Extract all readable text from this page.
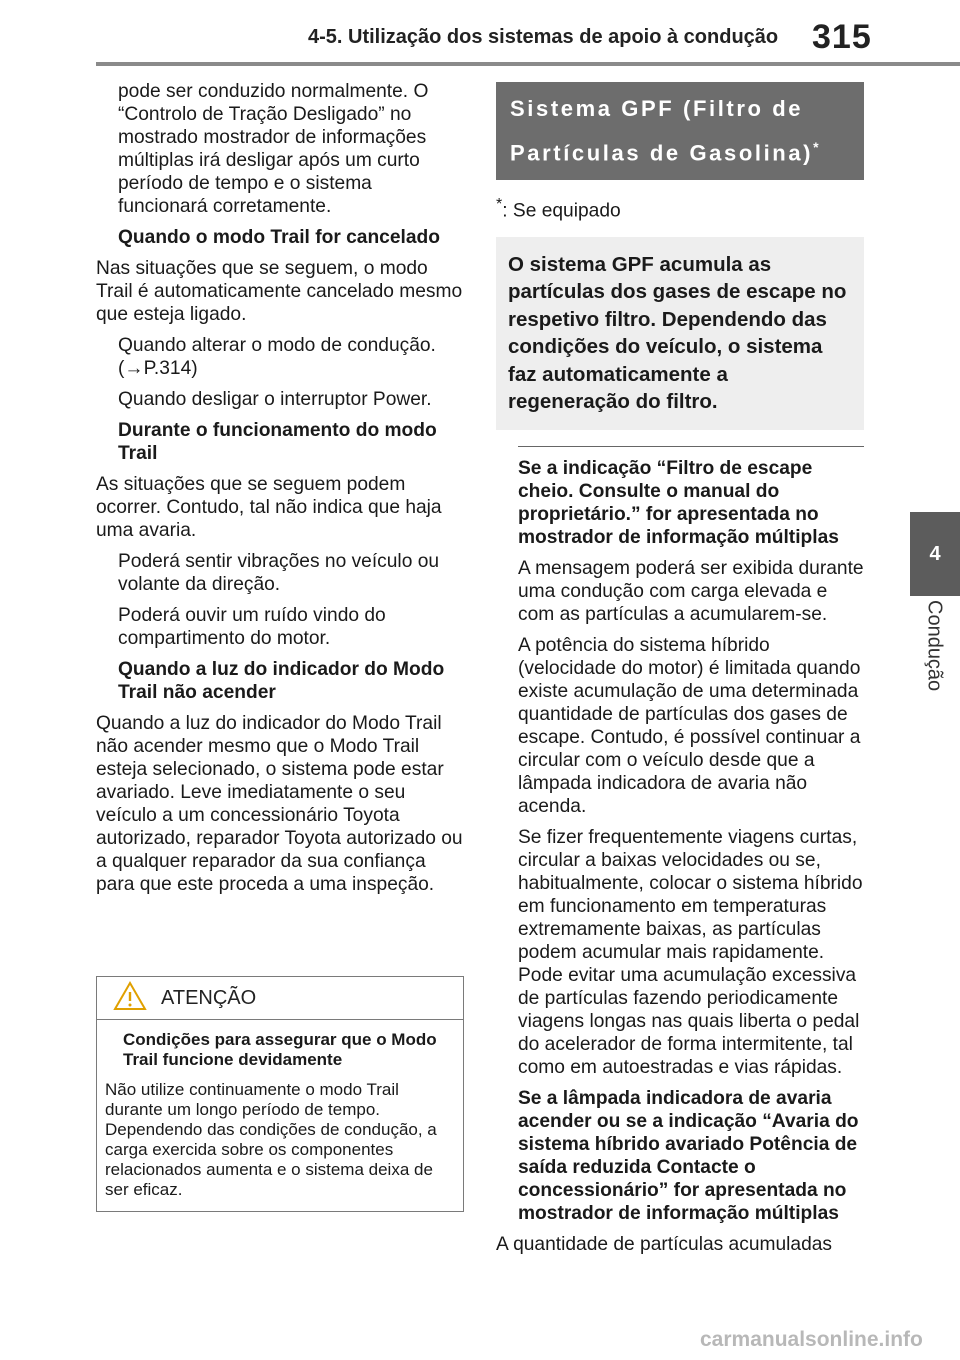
4-5. Utilização dos sistemas de apoio à condução 315
4
Condução

pode ser conduzido normalmente. O “Controlo de Tração Desligado” no mostrado mostrador de informações múltiplas irá desligar após um curto período de tempo e o sistema funcionará corretamente.

Quando o modo Trail for cancelado

Nas situações que se seguem, o modo Trail é automaticamente cancelado mesmo que esteja ligado.

Quando alterar o modo de condução. (→P.314)

Quando desligar o interruptor Power.

Durante o funcionamento do modo Trail

As situações que se seguem podem ocorrer. Contudo, tal não indica que haja uma avaria.

Poderá sentir vibrações no veículo ou volante da direção.

Poderá ouvir um ruído vindo do compartimento do motor.

Quando a luz do indicador do Modo Trail não acender

Quando a luz do indicador do Modo Trail não acender mesmo que o Modo Trail esteja selecionado, o sistema pode estar avariado. Leve imediatamente o seu veículo a um concessionário Toyota autorizado, reparador Toyota autorizado ou a qualquer reparador da sua confiança para que este proceda a uma inspeção.

ATENÇÃO
Condições para assegurar que o Modo Trail funcione devidamente
Não utilize continuamente o modo Trail durante um longo período de tempo. Dependendo das condições de condução, a carga exercida sobre os componentes relacionados aumenta e o sistema deixa de ser eficaz.
Sistema GPF (Filtro de Partículas de Gasolina)*
*: Se equipado
O sistema GPF acumula as partículas dos gases de escape no respetivo filtro. Dependendo das condições do veículo, o sistema faz automaticamente a regeneração do filtro.

Se a indicação “Filtro de escape cheio. Consulte o manual do proprietário.” for apresentada no mostrador de informação múltiplas

A mensagem poderá ser exibida durante uma condução com carga elevada e com as partículas a acumularem-se.

A potência do sistema híbrido (velocidade do motor) é limitada quando existe acumulação de uma determinada quantidade de partículas dos gases de escape. Contudo, é possível continuar a circular com o veículo desde que a lâmpada indicadora de avaria não acenda.

Se fizer frequentemente viagens curtas, circular a baixas velocidades ou se, habitualmente, colocar o sistema híbrido em funcionamento em temperaturas extremamente baixas, as partículas podem acumular mais rapidamente. Pode evitar uma acumulação excessiva de partículas fazendo periodicamente viagens longas nas quais liberta o pedal do acelerador de forma intermitente, tal como em autoestradas e vias rápidas.

Se a lâmpada indicadora de avaria acender ou se a indicação “Avaria do sistema híbrido avariado Potência de saída reduzida Contacte o concessionário” for apresentada no mostrador de informação múltiplas

A quantidade de partículas acumuladas

carmanualsonline.info
